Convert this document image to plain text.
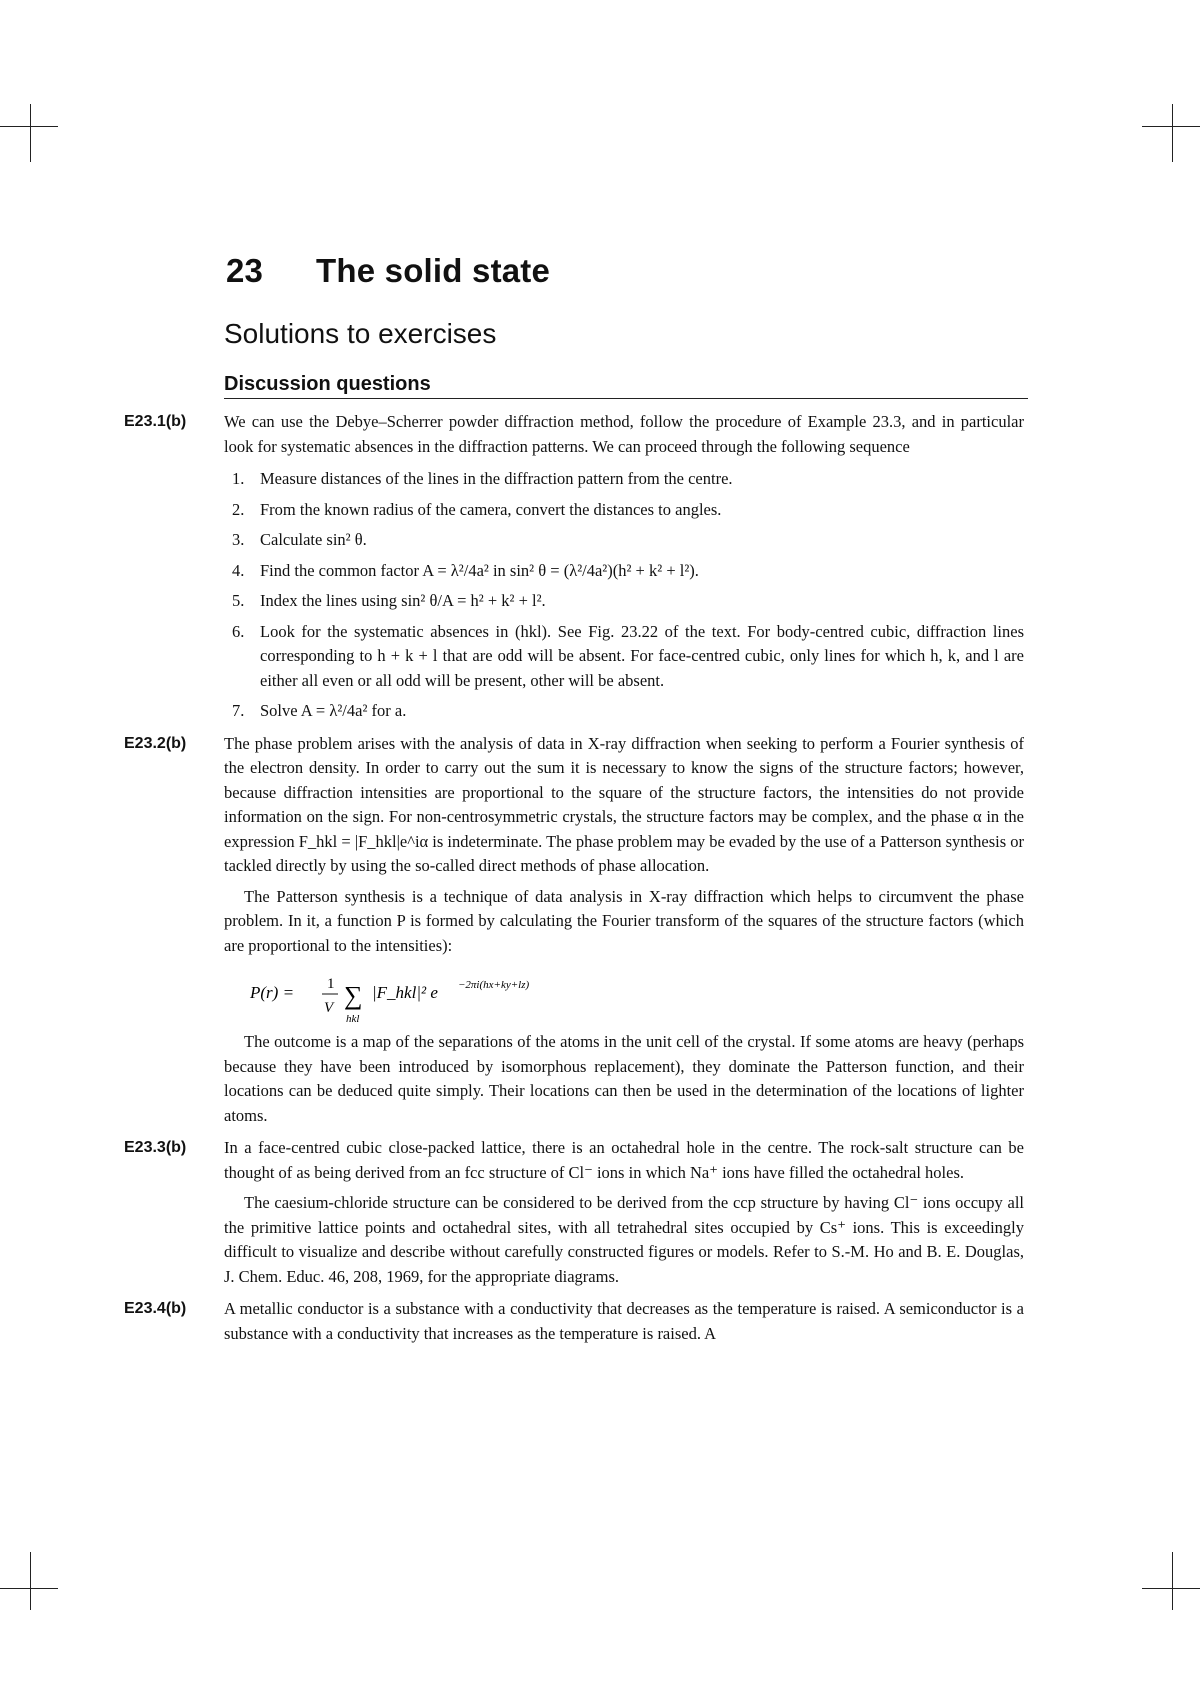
23 The solid state
Solutions to exercises
Discussion questions
E23.1(b) We can use the Debye–Scherrer powder diffraction method, follow the procedure of Example 23.3, and in particular look for systematic absences in the diffraction patterns. We can proceed through the following sequence

1. Measure distances of the lines in the diffraction pattern from the centre.
2. From the known radius of the camera, convert the distances to angles.
3. Calculate sin² θ.
4. Find the common factor A = λ²/4a² in sin² θ = (λ²/4a²)(h² + k² + l²).
5. Index the lines using sin² θ/A = h² + k² + l².
6. Look for the systematic absences in (hkl). See Fig. 23.22 of the text. For body-centred cubic, diffraction lines corresponding to h + k + l that are odd will be absent. For face-centred cubic, only lines for which h, k, and l are either all even or all odd will be present, other will be absent.
7. Solve A = λ²/4a² for a.
E23.2(b) The phase problem arises with the analysis of data in X-ray diffraction when seeking to perform a Fourier synthesis of the electron density. In order to carry out the sum it is necessary to know the signs of the structure factors; however, because diffraction intensities are proportional to the square of the structure factors, the intensities do not provide information on the sign. For non-centrosymmetric crystals, the structure factors may be complex, and the phase α in the expression F_hkl = |F_hkl|e^iα is indeterminate. The phase problem may be evaded by the use of a Patterson synthesis or tackled directly by using the so-called direct methods of phase allocation.

The Patterson synthesis is a technique of data analysis in X-ray diffraction which helps to circumvent the phase problem. In it, a function P is formed by calculating the Fourier transform of the squares of the structure factors (which are proportional to the intensities):

P(r) = 1
V ∑
hkl
|F_hkl|² e −2πi(hx+ky+lz)

The outcome is a map of the separations of the atoms in the unit cell of the crystal. If some atoms are heavy (perhaps because they have been introduced by isomorphous replacement), they dominate the Patterson function, and their locations can be deduced quite simply. Their locations can then be used in the determination of the locations of lighter atoms.

E23.3(b) In a face-centred cubic close-packed lattice, there is an octahedral hole in the centre. The rock-salt structure can be thought of as being derived from an fcc structure of Cl⁻ ions in which Na⁺ ions have filled the octahedral holes.

The caesium-chloride structure can be considered to be derived from the ccp structure by having Cl⁻ ions occupy all the primitive lattice points and octahedral sites, with all tetrahedral sites occupied by Cs⁺ ions. This is exceedingly difficult to visualize and describe without carefully constructed figures or models. Refer to S.-M. Ho and B. E. Douglas, J. Chem. Educ. 46, 208, 1969, for the appropriate diagrams.

E23.4(b) A metallic conductor is a substance with a conductivity that decreases as the temperature is raised. A semiconductor is a substance with a conductivity that increases as the temperature is raised. A
